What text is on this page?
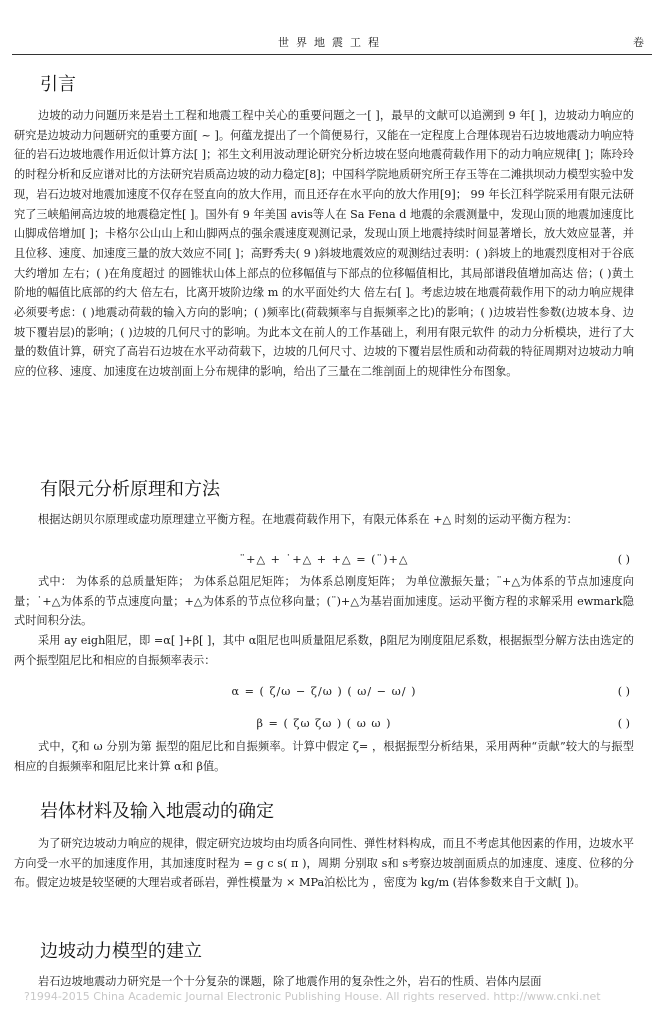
世界地震工程	卷
引言

边坡的动力问题历来是岩土工程和地震工程中关心的重要问题之一[ ]，最早的文献可以追溯到 9 年[ ]，边坡动力响应的研究是边坡动力问题研究的重要方面[ ~ ]。何蕴龙提出了一个简便易行，又能在一定程度上合理体现岩石边坡地震动力响应特征的岩石边坡地震作用近似计算方法[ ]；祁生文利用波动理论研究分析边坡在竖向地震荷载作用下的动力响应规律[ ]；陈玲玲的时程分析和反应谱对比的方法研究岩质高边坡的动力稳定[8]；中国科学院地质研究所王存玉等在二滩拱坝动力模型实验中发现，岩石边坡对地震加速度不仅存在竖直向的放大作用，而且还存在水平向的放大作用[9]； 99 年长江科学院采用有限元法研究了三峡船闸高边坡的地震稳定性[ ]。国外有 9 年美国 avis等人在 Sa Fena d 地震的余震测量中，发现山顶的地震加速度比山脚成倍增加[ ]；卡格尔公山山上和山脚两点的强余震速度观测记录，发现山顶上地震持续时间显著增长，放大效应显著，并且位移、速度、加速度三量的放大效应不同[ ]；高野秀夫( 9 )斜坡地震效应的观测结过表明：( )斜坡上的地震烈度相对于谷底大约增加 左右；( )在角度超过 的圆锥状山体上部点的位移幅值与下部点的位移幅值相比，其局部谱段值增加高达 倍；( )黄土阶地的幅值比底部的约大 倍左右，比离开坡阶边缘 m 的水平面处约大 倍左右[ ]。考虑边坡在地震荷载作用下的动力响应规律必须要考虑：( )地震动荷载的输入方向的影响；( )频率比(荷载频率与自振频率之比)的影响；( )边坡岩性参数(边坡本身、边坡下覆岩层)的影响；( )边坡的几何尺寸的影响。为此本文在前人的工作基础上，利用有限元软件 的动力分析模块，进行了大量的数值计算，研究了高岩石边坡在水平动荷载下，边坡的几何尺寸、边坡的下覆岩层性质和动荷载的特征周期对边坡动力响应的位移、速度、加速度在边坡剖面上分布规律的影响，给出了三量在二维剖面上的规律性分布图象。

有限元分析原理和方法

根据达朗贝尔原理或虚功原理建立平衡方程。在地震荷载作用下，有限元体系在 +△ 时刻的运动平衡方程为：

¨+△ + ˙+△ + +△ = (¨)+△	( )

式中： 为体系的总质量矩阵； 为体系总阻尼矩阵； 为体系总刚度矩阵； 为单位激振矢量；¨+△为体系的节点加速度向量；˙+△为体系的节点速度向量；+△为体系的节点位移向量；(¨)+△为基岩面加速度。运动平衡方程的求解采用 ewmark隐式时间积分法。

采用 ay eigh阻尼，即 =α[ ]+β[ ]，其中 α阻尼也叫质量阻尼系数，β阻尼为刚度阻尼系数，根据振型分解方法由选定的两个振型阻尼比和相应的自振频率表示：

α = ( ζ/ω − ζ/ω ) ( ω/ − ω/ )	( )
β = ( ζω ζω ) ( ω ω )	( )

式中，ζ和 ω 分别为第 振型的阻尼比和自振频率。计算中假定 ζ= ，根据振型分析结果，采用两种“贡献”较大的与振型相应的自振频率和阻尼比来计算 α和 β值。

岩体材料及输入地震动的确定

为了研究边坡动力响应的规律，假定研究边坡均由均质各向同性、弹性材料构成，而且不考虑其他因素的作用，边坡水平方向受一水平的加速度作用，其加速度时程为 = g c s( π )，周期 分别取 s和 s考察边坡剖面质点的加速度、速度、位移的分布。假定边坡是较坚硬的大理岩或者砾岩，弹性模量为 × MPa泊松比为 ，密度为 kg/m (岩体参数来自于文献[ ])。

边坡动力模型的建立

岩石边坡地震动力研究是一个十分复杂的课题，除了地震作用的复杂性之外，岩石的性质、岩体内层面

?1994-2015 China Academic Journal Electronic Publishing House. All rights reserved. http://www.cnki.net
